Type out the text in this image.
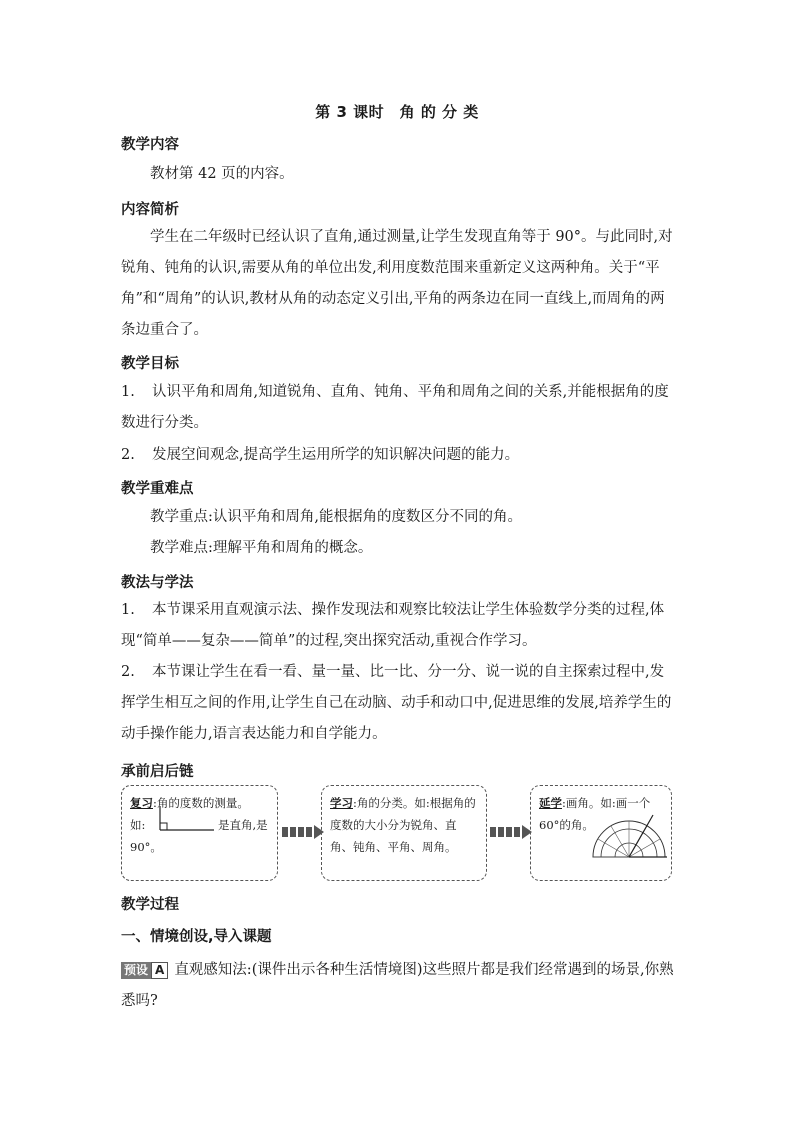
第 3 课时　角 的 分 类
教学内容
教材第 42 页的内容。
内容简析
学生在二年级时已经认识了直角,通过测量,让学生发现直角等于 90°。与此同时,对锐角、钝角的认识,需要从角的单位出发,利用度数范围来重新定义这两种角。关于“平角”和“周角”的认识,教材从角的动态定义引出,平角的两条边在同一直线上,而周角的两条边重合了。
教学目标
1. 认识平角和周角,知道锐角、直角、钝角、平角和周角之间的关系,并能根据角的度数进行分类。
2. 发展空间观念,提高学生运用所学的知识解决问题的能力。
教学重难点
教学重点:认识平角和周角,能根据角的度数区分不同的角。
教学难点:理解平角和周角的概念。
教法与学法
1. 本节课采用直观演示法、操作发现法和观察比较法让学生体验数学分类的过程,体现“简单——复杂——简单”的过程,突出探究活动,重视合作学习。
2. 本节课让学生在看一看、量一量、比一比、分一分、说一说的自主探索过程中,发挥学生相互之间的作用,让学生自己在动脑、动手和动口中,促进思维的发展,培养学生的动手操作能力,语言表达能力和自学能力。
承前启后链
复习:角的度数的测量。
如:	是直角,是
90°。
学习:角的分类。如:根据角的度数的大小分为锐角、直角、钝角、平角、周角。
延学:画角。如:画一个 60°的角。
教学过程
一、情境创设,导入课题
预设 A 直观感知法:(课件出示各种生活情境图)这些照片都是我们经常遇到的场景,你熟悉吗?
